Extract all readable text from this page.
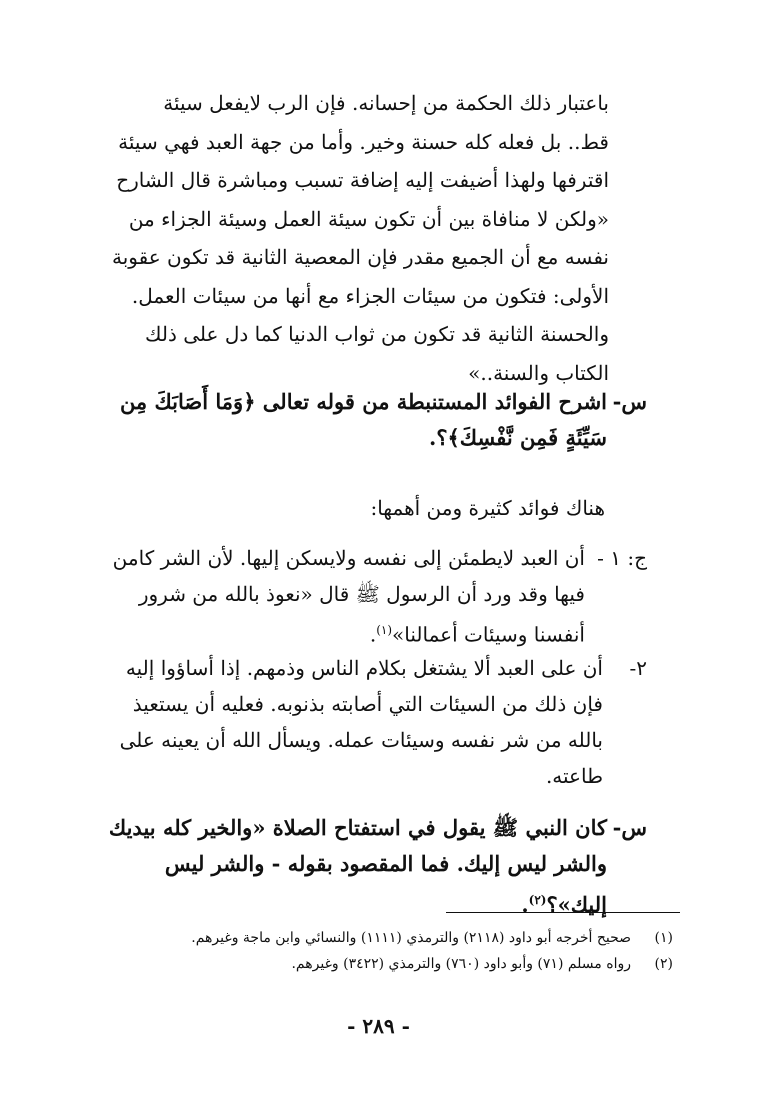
باعتبار ذلك الحكمة من إحسانه. فإن الرب لايفعل سيئة
قط.. بل فعله كله حسنة وخير. وأما من جهة العبد فهي سيئة
اقترفها ولهذا أضيفت إليه إضافة تسبب ومباشرة قال الشارح
«ولكن لا منافاة بين أن تكون سيئة العمل وسيئة الجزاء من
نفسه مع أن الجميع مقدر فإن المعصية الثانية قد تكون عقوبة
الأولى: فتكون من سيئات الجزاء مع أنها من سيئات العمل.
والحسنة الثانية قد تكون من ثواب الدنيا كما دل على ذلك
الكتاب والسنة..»
س-
اشرح الفوائد المستنبطة من قوله تعالى ﴿وَمَا أَصَابَكَ مِن سَيِّئَةٍ فَمِن نَّفْسِكَ﴾؟.
هناك فوائد كثيرة ومن أهمها:
ج: ١ -
أن العبد لايطمئن إلى نفسه ولايسكن إليها. لأن الشر كامن فيها وقد ورد أن الرسول ﷺ قال «نعوذ بالله من شرور أنفسنا وسيئات أعمالنا»$^{(١)}$.
٢-
أن على العبد ألا يشتغل بكلام الناس وذمهم. إذا أساؤوا إليه فإن ذلك من السيئات التي أصابته بذنوبه. فعليه أن يستعيذ بالله من شر نفسه وسيئات عمله. ويسأل الله أن يعينه على طاعته.
س-
كان النبي ﷺ يقول في استفتاح الصلاة «والخير كله بيديك والشر ليس إليك. فما المقصود بقوله - والشر ليس إليك»؟$^{(٢)}$.
(١)
صحيح أخرجه أبو داود (٢١١٨) والترمذي (١١١١) والنسائي وابن ماجة وغيرهم.
(٢)
رواه مسلم (٧١) وأبو داود (٧٦٠) والترمذي (٣٤٢٢) وغيرهم.
- ٢٨٩ -
